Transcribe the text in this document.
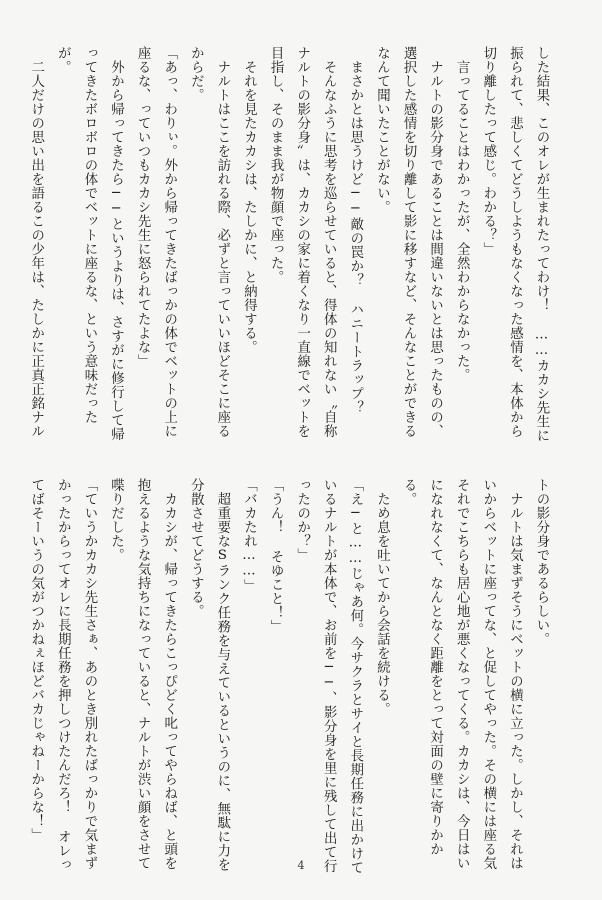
した結果、このオレが生まれたってわけ！ ……カカシ先生に

振られて、悲しくてどうしようもなくなった感情を、本体から

切り離したって感じ。わかる？」

　言ってることはわかったが、全然わからなかった。

　ナルトの影分身であることは間違いないとは思ったものの、

選択した感情を切り離して影に移すなど、そんなことができる

なんて聞いたことがない。

　まさかとは思うけど──敵の罠か？ ハニートラップ？

　そんなふうに思考を巡らせていると、得体の知れない〝自称

ナルトの影分身〟は、カカシの家に着くなり一直線でベットを

目指し、そのまま我が物顔で座った。

　それを見たカカシは、たしかに、と納得する。

　ナルトはここを訪れる際、必ずと言っていいほどそこに座る

からだ。

「あっ、わりぃ。外から帰ってきたばっかの体でベットの上に

座るな、っていつもカカシ先生に怒られてたよな」

　外から帰ってきたら──というよりは、さすがに修行して帰

ってきたボロボロの体でベットに座るな、という意味だった

が。

　二人だけの思い出を語るこの少年は、たしかに正真正銘ナル

トの影分身であるらしい。

　ナルトは気まずそうにベットの横に立った。しかし、それは

いからベットに座ってな、と促してやった。その横には座る気

それでこちらも居心地が悪くなってくる。カカシは、今日はい

になれなくて、なんとなく距離をとって対面の壁に寄りかか

る。

　ため息を吐いてから会話を続ける。

「え─と……じゃあ何。今サクラとサイと長期任務に出かけて

いるナルトが本体で、お前を──、影分身を里に残して出て行

ったのか？」

「うん！ そゆこと！」

「バカたれ……」

　超重要なSランク任務を与えているというのに、無駄に力を

分散させてどうする。

　カカシが、帰ってきたらこっぴどく叱ってやらねば、と頭を

抱えるような気持ちになっていると、ナルトが渋い顔をさせて

喋りだした。

「ていうかカカシ先生さぁ、あのとき別れたばっかりで気まず

かったからってオレに長期任務を押しつけたんだろ！ オレっ

てばそーいうの気がつかねぇほどバカじゃねーからな！」

4
